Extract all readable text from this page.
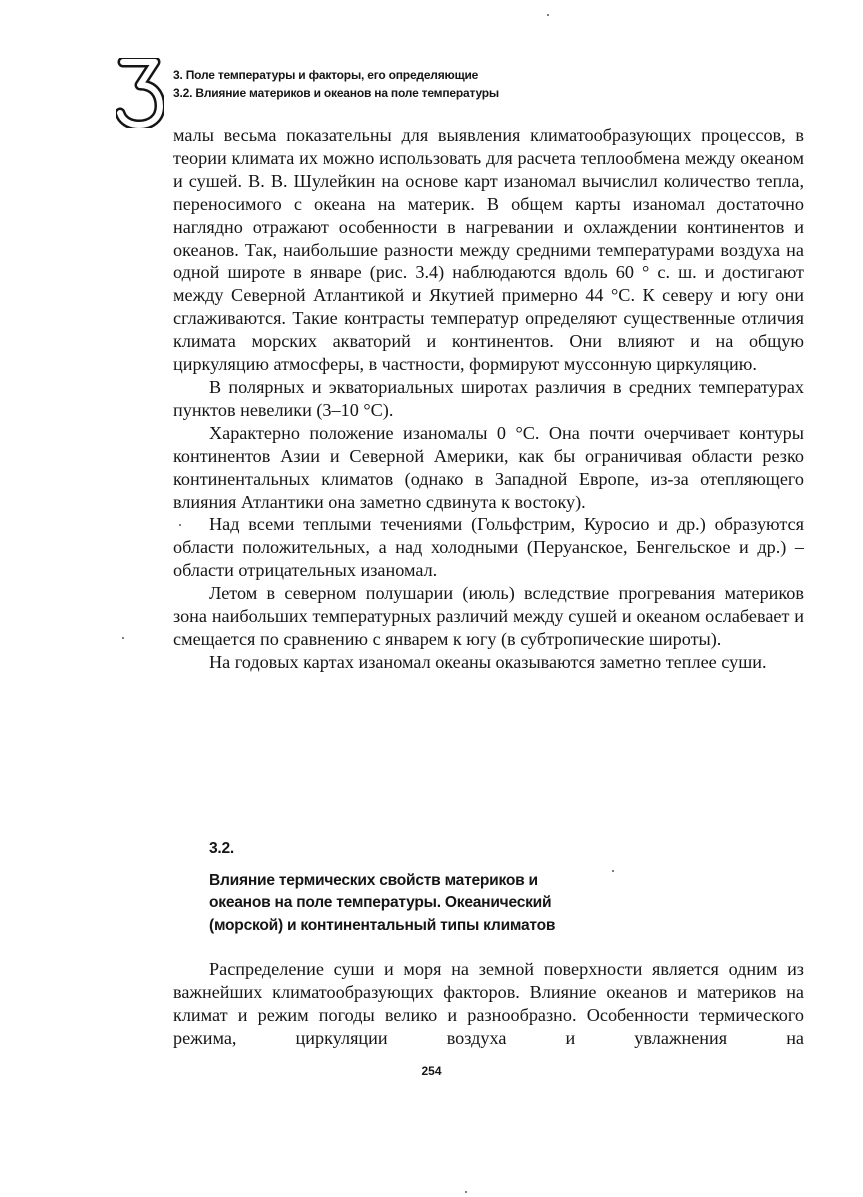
3
3. Поле температуры и факторы, его определяющие
3.2. Влияние материков и океанов на поле температуры

малы весьма показательны для выявления климатообразующих процессов, в теории климата их можно использовать для расчета теплообмена между океаном и сушей. В. В. Шулейкин на основе карт изаномал вычислил количество тепла, переносимого с океана на материк. В общем карты изаномал достаточно наглядно отражают особенности в нагревании и охлаждении континентов и океанов. Так, наибольшие разности между средними температурами воздуха на одной широте в январе (рис. 3.4) наблюдаются вдоль 60 ° с. ш. и достигают между Северной Атлантикой и Якутией примерно 44 °С. К северу и югу они сглаживаются. Такие контрасты температур определяют существенные отличия климата морских акваторий и континентов. Они влияют и на общую циркуляцию атмосферы, в частности, формируют муссонную циркуляцию.

В полярных и экваториальных широтах различия в средних температурах пунктов невелики (3–10 °С).

Характерно положение изаномалы 0 °С. Она почти очерчивает контуры континентов Азии и Северной Америки, как бы ограничивая области резко континентальных климатов (однако в Западной Европе, из-за отепляющего влияния Атлантики она заметно сдвинута к востоку).

Над всеми теплыми течениями (Гольфстрим, Куросио и др.) образуются области положительных, а над холодными (Перуанское, Бенгельское и др.) – области отрицательных изаномал.

Летом в северном полушарии (июль) вследствие прогревания материков зона наибольших температурных различий между сушей и океаном ослабевает и смещается по сравнению с январем к югу (в субтропические широты).

На годовых картах изаномал океаны оказываются заметно теплее суши.

3.2.
Влияние термических свойств материков и
океанов на поле температуры. Океанический
(морской) и континентальный типы климатов

Распределение суши и моря на земной поверхности является одним из важнейших климатообразующих факторов. Влияние океанов и материков на климат и режим погоды велико и разнообразно. Особенности термического режима, циркуляции воздуха и увлажнения на

254
